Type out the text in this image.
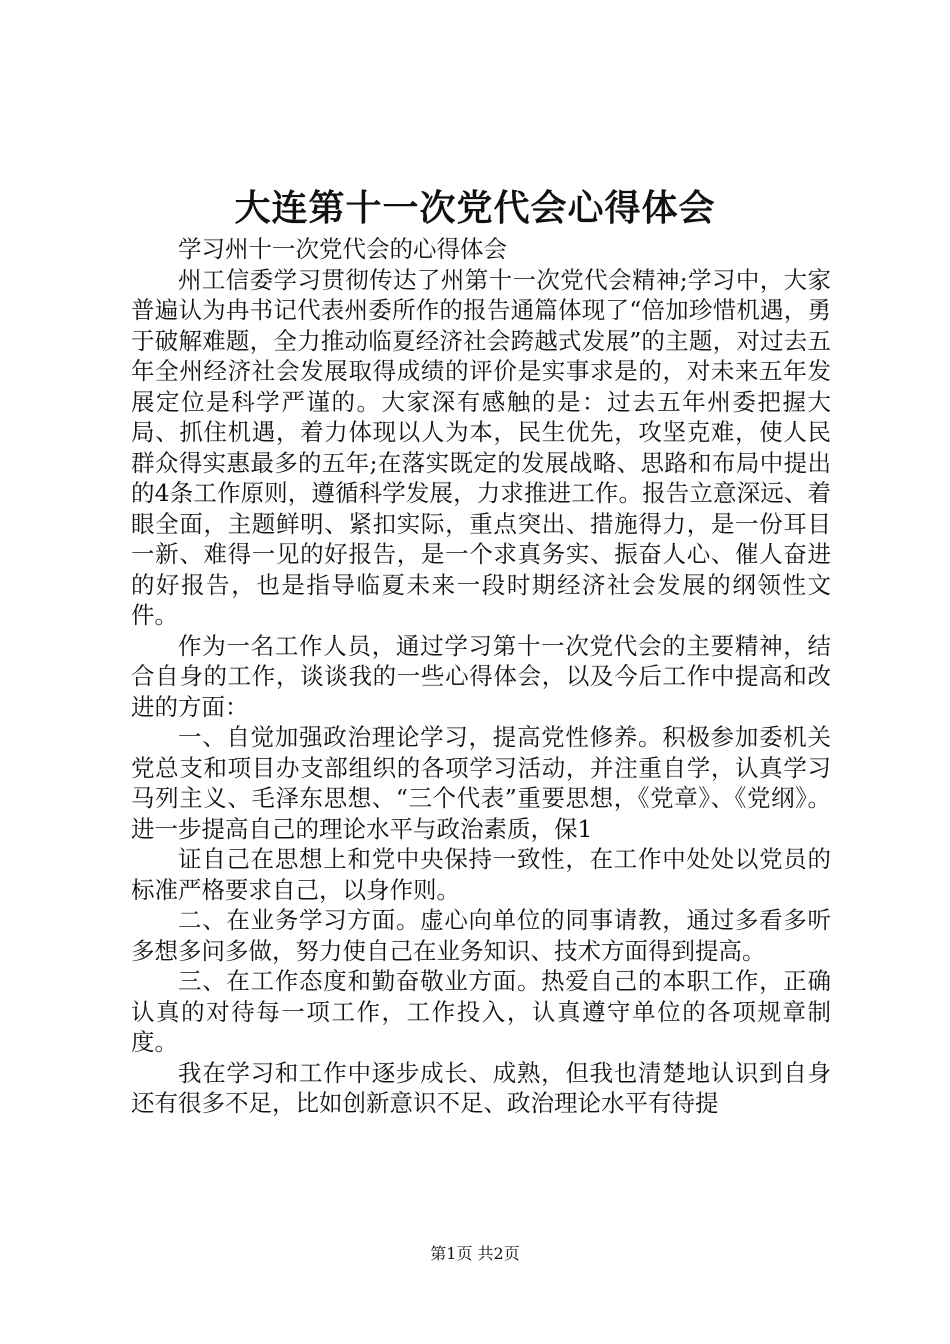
大连第十一次党代会心得体会

学习州十一次党代会的心得体会

州工信委学习贯彻传达了州第十一次党代会精神;学习中，大家普遍认为冉书记代表州委所作的报告通篇体现了“倍加珍惜机遇，勇于破解难题，全力推动临夏经济社会跨越式发展”的主题，对过去五年全州经济社会发展取得成绩的评价是实事求是的，对未来五年发展定位是科学严谨的。大家深有感触的是：过去五年州委把握大局、抓住机遇，着力体现以人为本，民生优先，攻坚克难，使人民群众得实惠最多的五年;在落实既定的发展战略、思路和布局中提出的4条工作原则，遵循科学发展，力求推进工作。报告立意深远、着眼全面，主题鲜明、紧扣实际，重点突出、措施得力，是一份耳目一新、难得一见的好报告，是一个求真务实、振奋人心、催人奋进的好报告，也是指导临夏未来一段时期经济社会发展的纲领性文件。

作为一名工作人员，通过学习第十一次党代会的主要精神，结合自身的工作，谈谈我的一些心得体会，以及今后工作中提高和改进的方面：

一、自觉加强政治理论学习，提高党性修养。积极参加委机关党总支和项目办支部组织的各项学习活动，并注重自学，认真学习马列主义、毛泽东思想、“三个代表”重要思想，《党章》、《党纲》。进一步提高自己的理论水平与政治素质，保1

证自己在思想上和党中央保持一致性，在工作中处处以党员的标准严格要求自己，以身作则。

二、在业务学习方面。虚心向单位的同事请教，通过多看多听多想多问多做，努力使自己在业务知识、技术方面得到提高。

三、在工作态度和勤奋敬业方面。热爱自己的本职工作，正确认真的对待每一项工作，工作投入，认真遵守单位的各项规章制度。

我在学习和工作中逐步成长、成熟，但我也清楚地认识到自身还有很多不足，比如创新意识不足、政治理论水平有待提

第1页 共2页
